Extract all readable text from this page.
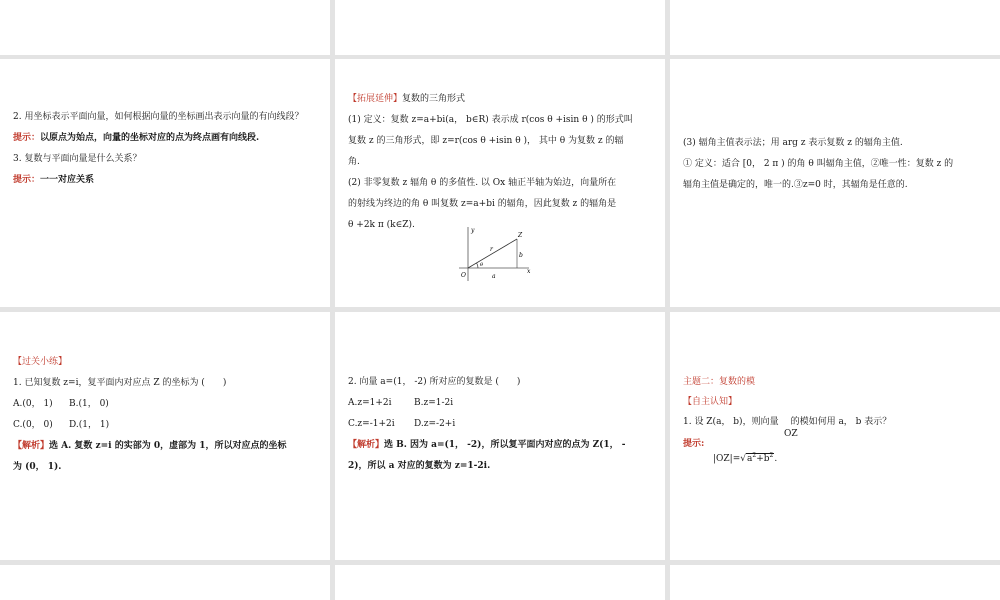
2. 用坐标表示平面向量，如何根据向量的坐标画出表示向量的有向线段？

提示：以原点为始点，向量的坐标对应的点为终点画有向线段.

3. 复数与平面向量是什么关系？

提示：一一对应关系

【拓展延伸】复数的三角形式

(1) 定义：复数 z=a+bi(a， b∈R) 表示成 r(cos θ +isin θ ) 的形式叫

复数 z 的三角形式，即 z=r(cos θ +isin θ )， 其中 θ 为复数 z 的辐

角.

(2) 非零复数 z 辐角 θ 的多值性. 以 Ox 轴正半轴为始边，向量所在

的射线为终边的角 θ 叫复数 z=a+bi 的辐角，因此复数 z 的辐角是

θ +2k π (k∈Z).

y
x
O
Z
r
θ
a
b

(3) 辐角主值表示法；用 arg z 表示复数 z 的辐角主值.

① 定义：适合 [0， 2 π ) 的角 θ 叫辐角主值，②唯一性：复数 z 的

辐角主值是确定的，唯一的.③z=0 时，其辐角是任意的.

【过关小练】

1. 已知复数 z=i，复平面内对应点 Z 的坐标为 (　　)

A.(0， 1) B.(1， 0)

C.(0， 0) D.(1， 1)

【解析】选 A. 复数 z=i 的实部为 0，虚部为 1，所以对应点的坐标

为 (0， 1).

2. 向量 a=(1， -2) 所对应的复数是 (　　)

A.z=1+2i B.z=1-2i

C.z=-1+2i D.z=-2+i

【解析】选 B. 因为 a=(1， -2)，所以复平面内对应的点为 Z(1， -

2)，所以 a 对应的复数为 z=1-2i.

主题二：复数的模

【自主认知】

1. 设 Z(a， b)，则向量 的模如何用 a， b 表示？
OZ

提示:

$|OZ|=√a^2+b^2$.
